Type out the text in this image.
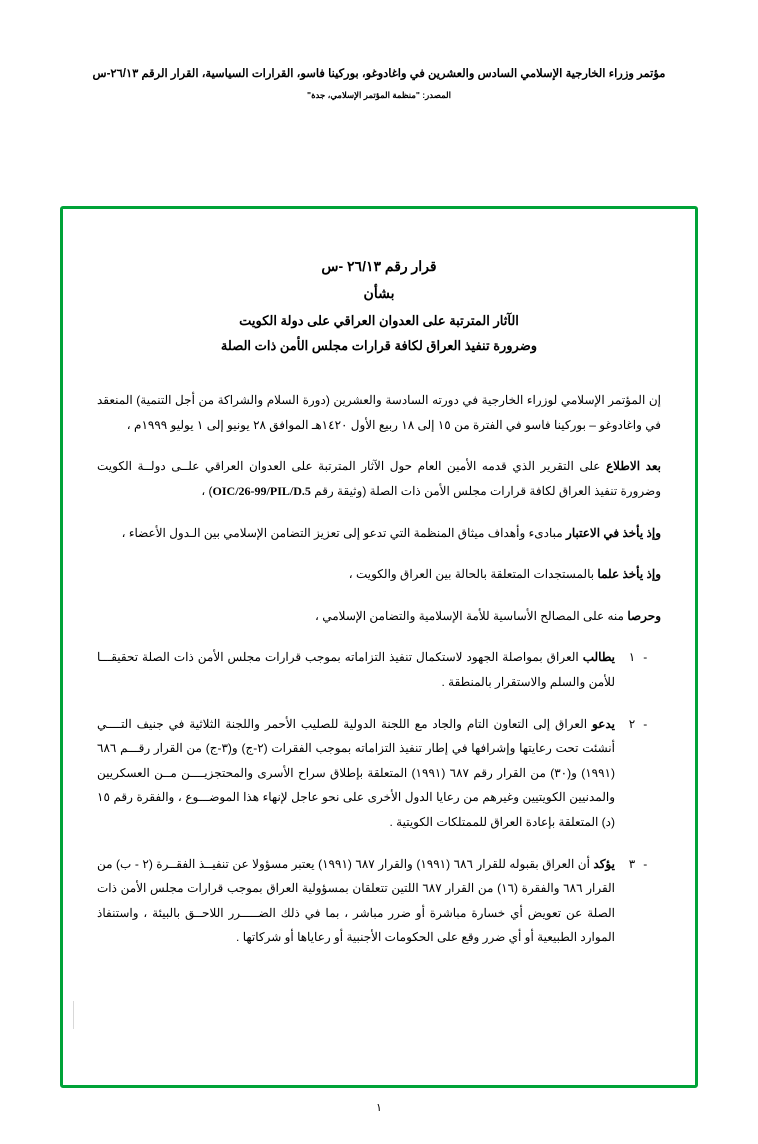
مؤتمر وزراء الخارجية الإسلامي السادس والعشرين في واغادوغو، بوركينا فاسو، القرارات السياسية، القرار الرقم ٢٦/١٣-س
المصدر: "منظمة المؤتمر الإسلامي، جدة"
قرار رقم ٢٦/١٣ -س
بشأن
الآثار المترتبة على العدوان العراقي على دولة الكويت
وضرورة تنفيذ العراق لكافة قرارات مجلس الأمن ذات الصلة

إن المؤتمر الإسلامي لوزراء الخارجية في دورته السادسة والعشرين (دورة السلام والشراكة من أجل التنمية) المنعقد في واغادوغو – بوركينا فاسو في الفترة من ١٥ إلى ١٨ ربيع الأول ١٤٢٠هـ الموافق ٢٨ يونيو إلى ١ يوليو ١٩٩٩م ،

بعد الاطلاع على التقرير الذي قدمه الأمين العام حول الآثار المترتبة على العدوان العراقي علــى دولــة الكويت وضرورة تنفيذ العراق لكافة قرارات مجلس الأمن ذات الصلة (وثيقة رقم OIC/26-99/PIL/D.5) ،

وإذ يأخذ في الاعتبار مبادىء وأهداف ميثاق المنظمة التي تدعو إلى تعزيز التضامن الإسلامي بين الـدول الأعضاء ،

وإذ يأخذ علما بالمستجدات المتعلقة بالحالة بين العراق والكويت ،

وحرصا منه على المصالح الأساسية للأمة الإسلامية والتضامن الإسلامي ،

-١
يطالب العراق بمواصلة الجهود لاستكمال تنفيذ التزاماته بموجب قرارات مجلس الأمن ذات الصلة تحقيقـــا للأمن والسلم والاستقرار بالمنطقة .
-٢
يدعو العراق إلى التعاون التام والجاد مع اللجنة الدولية للصليب الأحمر واللجنة الثلاثية في جنيف التــــي أنشئت تحت رعايتها وإشرافها في إطار تنفيذ التزاماته بموجب الفقرات (٢-ج) و(٣-ج) من القرار رقـــم ٦٨٦ (١٩٩١) و(٣٠) من القرار رقم ٦٨٧ (١٩٩١) المتعلقة بإطلاق سراح الأسرى والمحتجزيــــن مــن العسكريين والمدنيين الكويتيين وغيرهم من رعايا الدول الأخرى على نحو عاجل لإنهاء هذا الموضـــوع ، والفقرة رقم ١٥ (د) المتعلقة بإعادة العراق للممتلكات الكويتية .
-٣
يؤكد أن العراق بقبوله للقرار ٦٨٦ (١٩٩١) والقرار ٦٨٧ (١٩٩١) يعتبر مسؤولا عن تنفيــذ الفقــرة (٢ - ب) من القرار ٦٨٦ والفقرة (١٦) من القرار ٦٨٧ اللتين تتعلقان بمسؤولية العراق بموجب قرارات مجلس الأمن ذات الصلة عن تعويض أي خسارة مباشرة أو ضرر مباشر ، بما في ذلك الضـــــرر اللاحــق بالبيئة ، واستنفاذ الموارد الطبيعية أو أي ضرر وقع على الحكومات الأجنبية أو رعاياها أو شركاتها .
١
